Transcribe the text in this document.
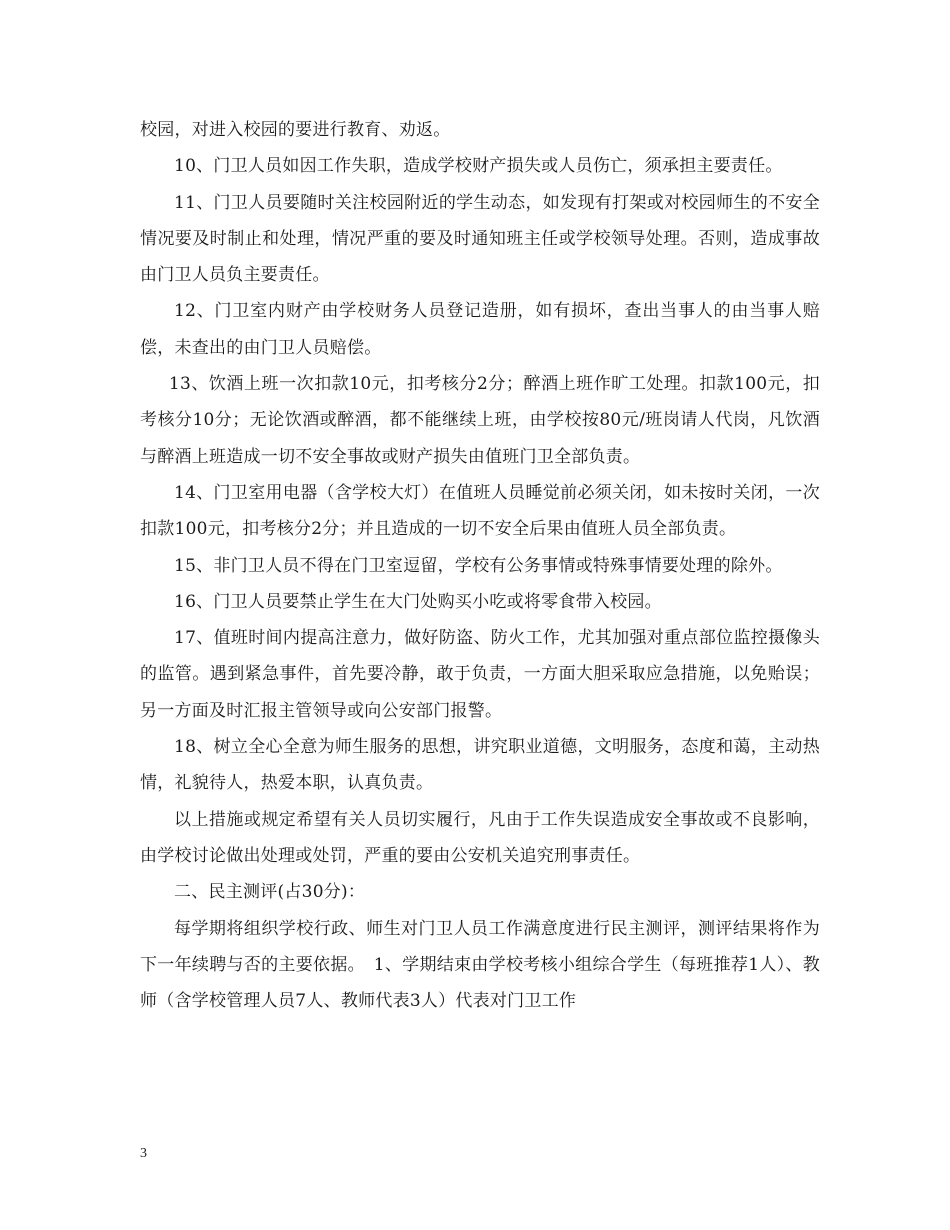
校园，对进入校园的要进行教育、劝返。

10、门卫人员如因工作失职，造成学校财产损失或人员伤亡，须承担主要责任。

11、门卫人员要随时关注校园附近的学生动态，如发现有打架或对校园师生的不安全情况要及时制止和处理，情况严重的要及时通知班主任或学校领导处理。否则，造成事故由门卫人员负主要责任。

12、门卫室内财产由学校财务人员登记造册，如有损坏，查出当事人的由当事人赔偿，未查出的由门卫人员赔偿。

13、饮酒上班一次扣款10元，扣考核分2分；醉酒上班作旷工处理。扣款100元，扣考核分10分；无论饮酒或醉酒，都不能继续上班，由学校按80元/班岗请人代岗，凡饮酒与醉酒上班造成一切不安全事故或财产损失由值班门卫全部负责。

14、门卫室用电器（含学校大灯）在值班人员睡觉前必须关闭，如未按时关闭，一次扣款100元，扣考核分2分；并且造成的一切不安全后果由值班人员全部负责。

15、非门卫人员不得在门卫室逗留，学校有公务事情或特殊事情要处理的除外。

16、门卫人员要禁止学生在大门处购买小吃或将零食带入校园。

17、值班时间内提高注意力，做好防盗、防火工作，尤其加强对重点部位监控摄像头的监管。遇到紧急事件，首先要冷静，敢于负责，一方面大胆采取应急措施，以免贻误；另一方面及时汇报主管领导或向公安部门报警。

18、树立全心全意为师生服务的思想，讲究职业道德，文明服务，态度和蔼，主动热情，礼貌待人，热爱本职，认真负责。

以上措施或规定希望有关人员切实履行，凡由于工作失误造成安全事故或不良影响，由学校讨论做出处理或处罚，严重的要由公安机关追究刑事责任。

二、民主测评(占30分)：

每学期将组织学校行政、师生对门卫人员工作满意度进行民主测评，测评结果将作为下一年续聘与否的主要依据。　1、学期结束由学校考核小组综合学生（每班推荐1人）、教师（含学校管理人员7人、教师代表3人）代表对门卫工作

3
